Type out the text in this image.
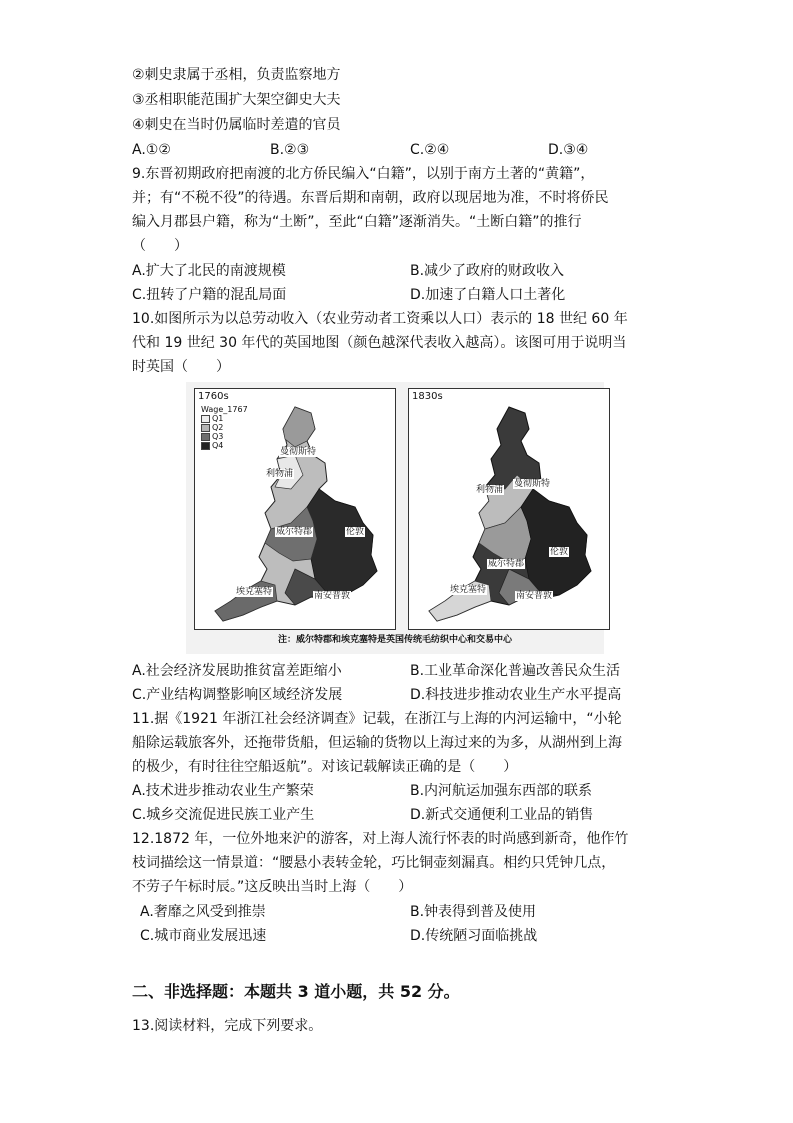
②刺史隶属于丞相，负责监察地方
③丞相职能范围扩大架空御史大夫
④刺史在当时仍属临时差遣的官员
A.①②	B.②③	C.②④	D.③④
9.东晋初期政府把南渡的北方侨民编入“白籍”，以别于南方土著的“黄籍”，
并；有“不税不役”的待遇。东晋后期和南朝，政府以现居地为准，不时将侨民
编入月郡县户籍，称为“土断”，至此“白籍”逐渐消失。“土断白籍”的推行
（　　）
A.扩大了北民的南渡规模	B.减少了政府的财政收入
C.扭转了户籍的混乱局面	D.加速了白籍人口土著化
10.如图所示为以总劳动收入（农业劳动者工资乘以人口）表示的 18 世纪 60 年
代和 19 世纪 30 年代的英国地图（颜色越深代表收入越高）。该图可用于说明当
时英国（　　）
1760s
Wage_1767
Q1
Q2
Q3
Q4
曼彻斯特
利物浦
威尔特郡	伦敦
埃克塞特	南安普敦
1830s
曼彻斯特
利物浦
威尔特郡
伦敦
埃克塞特
南安普敦
注：威尔特郡和埃克塞特是英国传统毛纺织中心和交易中心
A.社会经济发展助推贫富差距缩小	B.工业革命深化普遍改善民众生活
C.产业结构调整影响区域经济发展	D.科技进步推动农业生产水平提高
11.据《1921 年浙江社会经济调查》记载，在浙江与上海的内河运输中，“小轮
船除运载旅客外，还拖带货船，但运输的货物以上海过来的为多，从湖州到上海
的极少，有时往往空船返航”。对该记载解读正确的是（　　）
A.技术进步推动农业生产繁荣	B.内河航运加强东西部的联系
C.城乡交流促进民族工业产生	D.新式交通便利工业品的销售
12.1872 年，一位外地来沪的游客，对上海人流行怀表的时尚感到新奇，他作竹
枝词描绘这一情景道：“腰悬小表转金轮，巧比铜壶刻漏真。相约只凭钟几点，
不劳子午标时辰。”这反映出当时上海（　　）
A.奢靡之风受到推崇	B.钟表得到普及使用
C.城市商业发展迅速	D.传统陋习面临挑战
二、非选择题：本题共 3 道小题，共 52 分。
13.阅读材料，完成下列要求。
